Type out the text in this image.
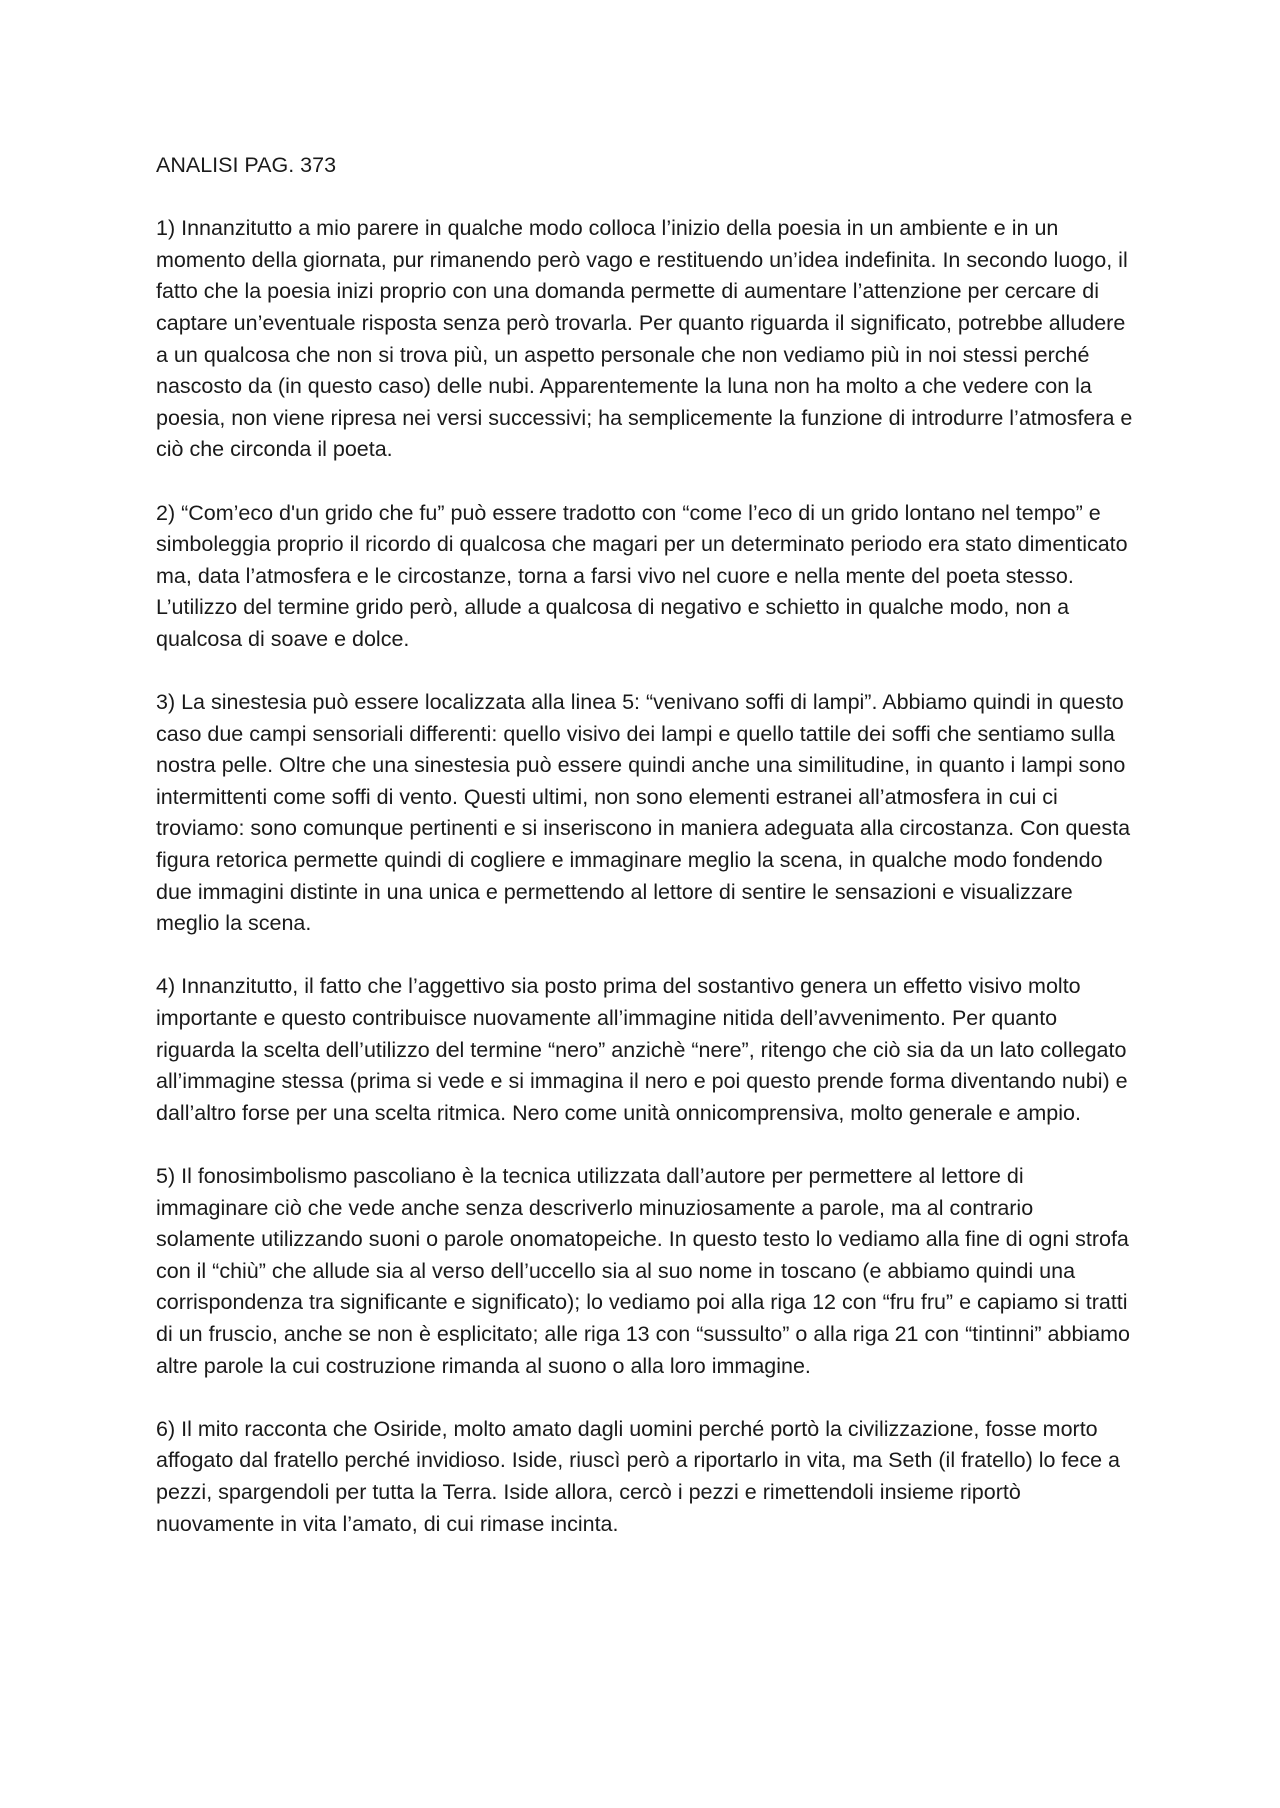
ANALISI PAG. 373

1) Innanzitutto a mio parere in qualche modo colloca l’inizio della poesia in un ambiente e in un momento della giornata, pur rimanendo però vago e restituendo un’idea indefinita. In secondo luogo, il fatto che la poesia inizi proprio con una domanda permette di aumentare l’attenzione per cercare di captare un’eventuale risposta senza però trovarla. Per quanto riguarda il significato, potrebbe alludere a un qualcosa che non si trova più, un aspetto personale che non vediamo più in noi stessi perché nascosto da (in questo caso) delle nubi. Apparentemente la luna non ha molto a che vedere con la poesia, non viene ripresa nei versi successivi; ha semplicemente la funzione di introdurre l’atmosfera e ciò che circonda il poeta.

2) “Com’eco d'un grido che fu” può essere tradotto con “come l’eco di un grido lontano nel tempo” e simboleggia proprio il ricordo di qualcosa che magari per un determinato periodo era stato dimenticato ma, data l’atmosfera e le circostanze, torna a farsi vivo nel cuore e nella mente del poeta stesso. L’utilizzo del termine grido però, allude a qualcosa di negativo e schietto in qualche modo, non a qualcosa di soave e dolce.

3) La sinestesia può essere localizzata alla linea 5: “venivano soffi di lampi”. Abbiamo quindi in questo caso due campi sensoriali differenti: quello visivo dei lampi e quello tattile dei soffi che sentiamo sulla nostra pelle. Oltre che una sinestesia può essere quindi anche una similitudine, in quanto i lampi sono intermittenti come soffi di vento. Questi ultimi, non sono elementi estranei all’atmosfera in cui ci troviamo: sono comunque pertinenti e si inseriscono in maniera adeguata alla circostanza. Con questa figura retorica permette quindi di cogliere e immaginare meglio la scena, in qualche modo fondendo due immagini distinte in una unica e permettendo al lettore di sentire le sensazioni e visualizzare meglio la scena.

4) Innanzitutto, il fatto che l’aggettivo sia posto prima del sostantivo genera un effetto visivo molto importante e questo contribuisce nuovamente all’immagine nitida dell’avvenimento. Per quanto riguarda la scelta dell’utilizzo del termine “nero” anzichè “nere”, ritengo che ciò sia da un lato collegato all’immagine stessa (prima si vede e si immagina il nero e poi questo prende forma diventando nubi) e dall’altro forse per una scelta ritmica. Nero come unità onnicomprensiva, molto generale e ampio.

5) Il fonosimbolismo pascoliano è la tecnica utilizzata dall’autore per permettere al lettore di immaginare ciò che vede anche senza descriverlo minuziosamente a parole, ma al contrario solamente utilizzando suoni o parole onomatopeiche. In questo testo lo vediamo alla fine di ogni strofa con il “chiù” che allude sia al verso dell’uccello sia al suo nome in toscano (e abbiamo quindi una corrispondenza tra significante e significato); lo vediamo poi alla riga 12 con “fru fru” e capiamo si tratti di un fruscio, anche se non è esplicitato; alle riga 13 con “sussulto” o alla riga 21 con “tintinni” abbiamo altre parole la cui costruzione rimanda al suono o alla loro immagine.

6) Il mito racconta che Osiride, molto amato dagli uomini perché portò la civilizzazione, fosse morto affogato dal fratello perché invidioso. Iside, riuscì però a riportarlo in vita, ma Seth (il fratello) lo fece a pezzi, spargendoli per tutta la Terra. Iside allora, cercò i pezzi e rimettendoli insieme riportò nuovamente in vita l’amato, di cui rimase incinta.
